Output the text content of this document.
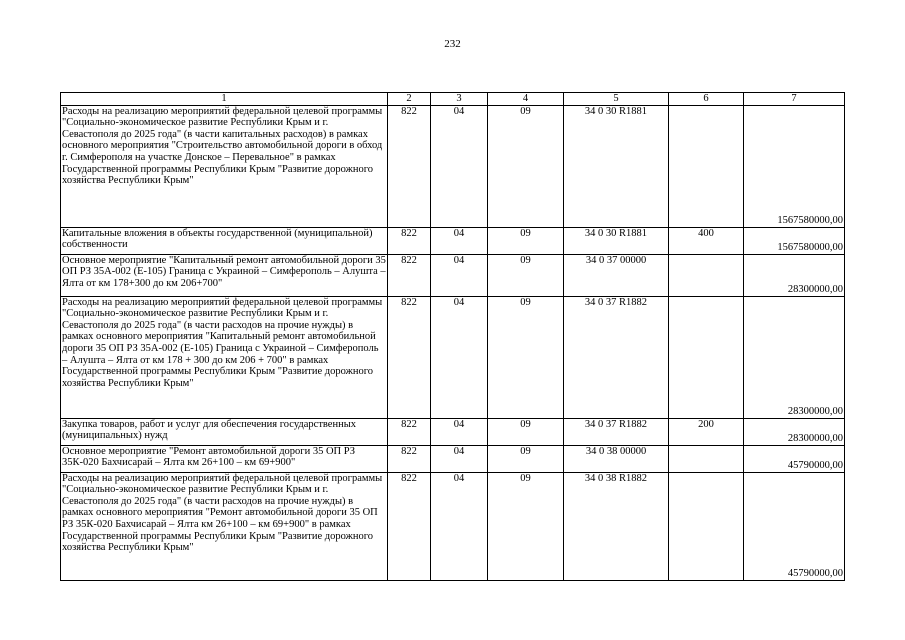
232
1	2	3	4	5	6	7
Расходы на реализацию мероприятий федеральной целевой программы "Социально-экономическое развитие Республики Крым и г. Севастополя до 2025 года" (в части капитальных расходов) в рамках основного мероприятия "Строительство автомобильной дороги в обход г. Симферополя на участке Донское – Перевальное" в рамках Государственной программы Республики Крым "Развитие дорожного хозяйства Республики Крым"	822	04	09	34 0 30 R1881		1567580000,00
Капитальные вложения в объекты государственной (муниципальной) собственности	822	04	09	34 0 30 R1881	400	1567580000,00
Основное мероприятие "Капитальный ремонт автомобильной дороги 35 ОП РЗ 35А-002 (Е-105) Граница с Украиной – Симферополь – Алушта – Ялта от км 178+300 до км 206+700"	822	04	09	34 0 37 00000		28300000,00
Расходы на реализацию мероприятий федеральной целевой программы "Социально-экономическое развитие Республики Крым и г. Севастополя до 2025 года" (в части расходов на прочие нужды) в рамках основного мероприятия "Капитальный ремонт автомобильной дороги 35 ОП РЗ 35А-002 (Е-105) Граница с Украиной – Симферополь – Алушта – Ялта от км 178 + 300 до км 206 + 700" в рамках Государственной программы Республики Крым "Развитие дорожного хозяйства Республики Крым"	822	04	09	34 0 37 R1882		28300000,00
Закупка товаров, работ и услуг для обеспечения государственных (муниципальных) нужд	822	04	09	34 0 37 R1882	200	28300000,00
Основное мероприятие "Ремонт автомобильной дороги 35 ОП РЗ 35К-020 Бахчисарай – Ялта км 26+100 – км 69+900"	822	04	09	34 0 38 00000		45790000,00
Расходы на реализацию мероприятий федеральной целевой программы "Социально-экономическое развитие Республики Крым и г. Севастополя до 2025 года" (в части расходов на прочие нужды) в рамках основного мероприятия "Ремонт автомобильной дороги 35 ОП РЗ 35К-020 Бахчисарай – Ялта км 26+100 – км 69+900" в рамках Государственной программы Республики Крым "Развитие дорожного хозяйства Республики Крым"	822	04	09	34 0 38 R1882		45790000,00
